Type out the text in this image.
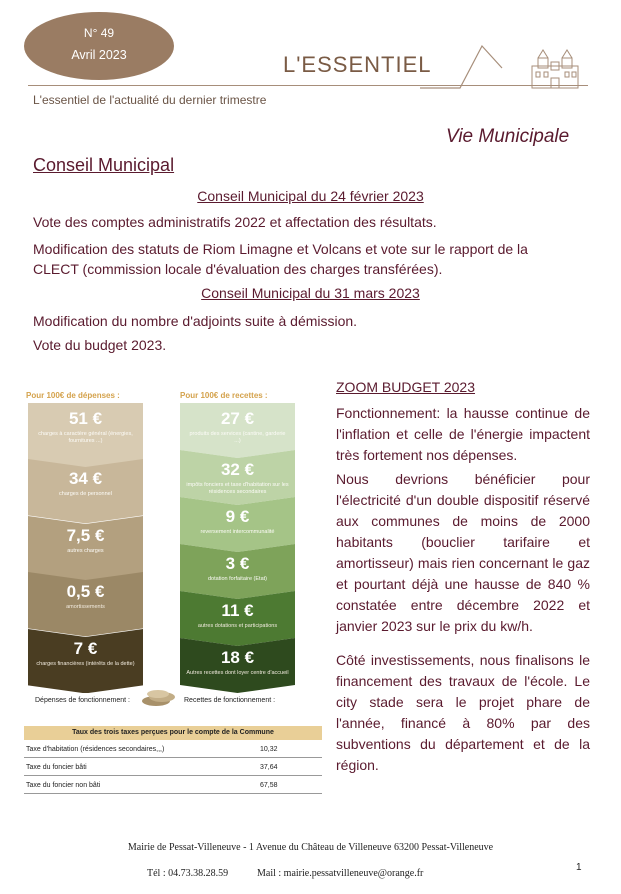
N° 49
Avril 2023	L'ESSENTIEL
L'essentiel de l'actualité du dernier trimestre
Vie Municipale
Conseil Municipal
Conseil Municipal du 24 février 2023
Vote des comptes administratifs 2022 et affectation des résultats.
Modification des statuts de Riom Limagne et Volcans et vote sur le rapport de la
CLECT (commission locale d'évaluation des charges transférées).
Conseil Municipal du 31 mars 2023
Modification du nombre d'adjoints suite à démission.
Vote du budget 2023.
Pour 100€ de dépenses :	Pour 100€ de recettes :
Dépenses de fonctionnement :	Recettes de fonctionnement :
Taux des trois taxes perçues pour le compte de la Commune
Taxe d'habitation (résidences secondaires,,,)	10,32
Taxe du foncier bâti	37,64
Taxe du foncier non bâti	67,58
ZOOM BUDGET 2023
Fonctionnement: la hausse continue de l'inflation et celle de l'énergie impactent très fortement nos dépenses.
Nous devrions bénéficier pour l'électricité d'un double dispositif réservé aux communes de moins de 2000 habitants (bouclier tarifaire et amortisseur) mais rien concernant le gaz et pourtant déjà une hausse de 840 % constatée entre décembre 2022 et janvier 2023 sur le prix du kw/h.
Côté investissements, nous finalisons le financement des travaux de l'école. Le city stade sera le projet phare de l'année, financé à 80% par des subventions du département et de la région.
Mairie de Pessat-Villeneuve - 1 Avenue du Château de Villeneuve 63200 Pessat-Villeneuve
Tél : 04.73.38.28.59	Mail : mairie.pessatvilleneuve@orange.fr
1
51 €
charges à caractère général (énergies, fournitures ...)
34 €
charges de personnel
7,5 €
autres charges
0,5 €
amortissements
7 €
charges financières (intérêts de la dette)
27 €
produits des services (cantine, garderie ...)
32 €
impôts fonciers et taxe d'habitation sur les résidences secondaires
9 €
reversement intercommunalité
3 €
dotation forfaitaire (Etat)
11 €
autres dotations et participations
18 €
Autres recettes dont loyer centre d'accueil
